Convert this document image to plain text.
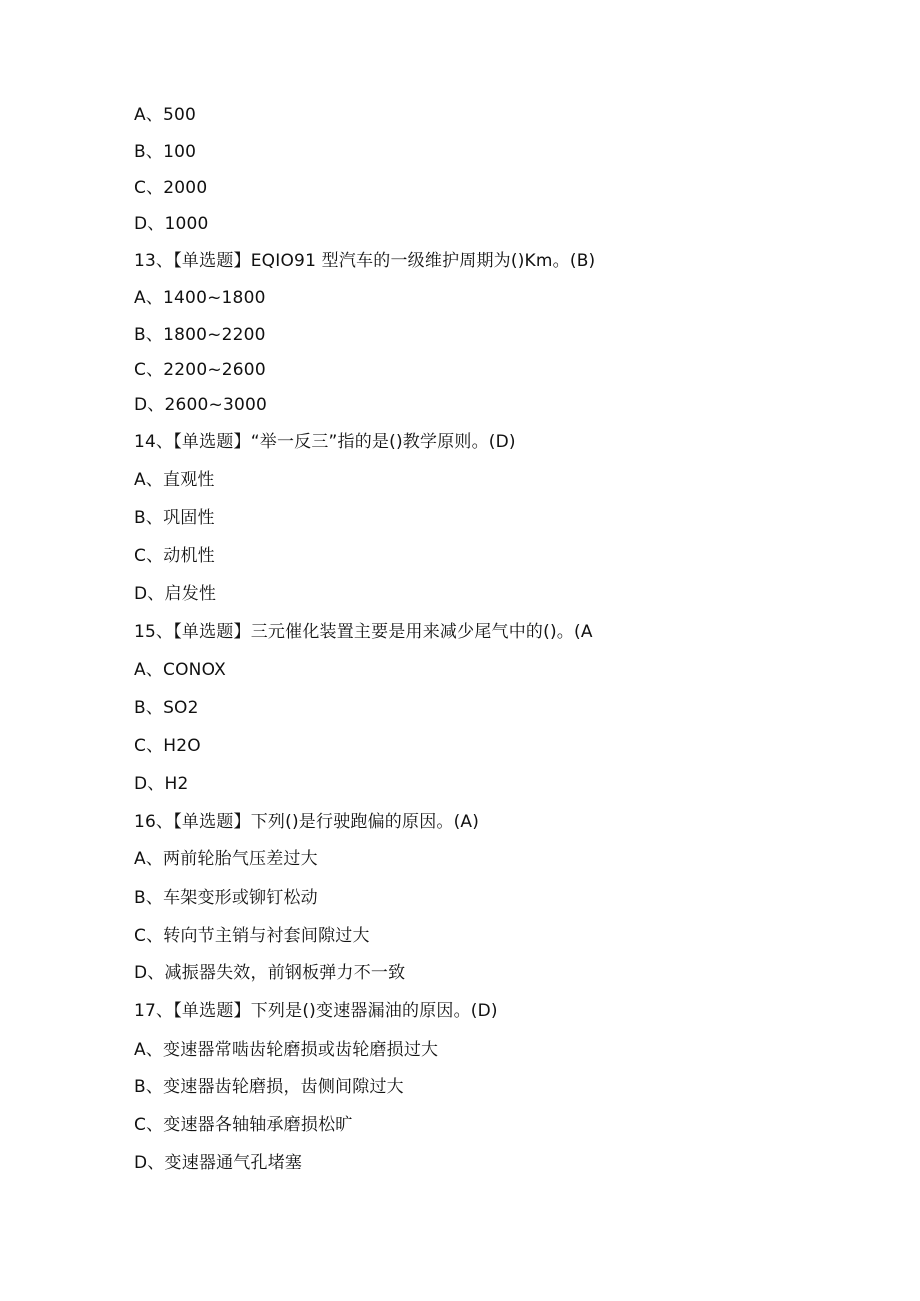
A、500
B、100
C、2000
D、1000
13、【单选题】EQIO91 型汽车的一级维护周期为()Km。(B)
A、1400~1800
B、1800~2200
C、2200~2600
D、2600~3000
14、【单选题】“举一反三”指的是()教学原则。(D)
A、直观性
B、巩固性
C、动机性
D、启发性
15、【单选题】三元催化装置主要是用来减少尾气中的()。(A
A、CONOX
B、SO2
C、H2O
D、H2
16、【单选题】下列()是行驶跑偏的原因。(A)
A、两前轮胎气压差过大
B、车架变形或铆钉松动
C、转向节主销与衬套间隙过大
D、减振器失效，前钢板弹力不一致
17、【单选题】下列是()变速器漏油的原因。(D)
A、变速器常啮齿轮磨损或齿轮磨损过大
B、变速器齿轮磨损，齿侧间隙过大
C、变速器各轴轴承磨损松旷
D、变速器通气孔堵塞
